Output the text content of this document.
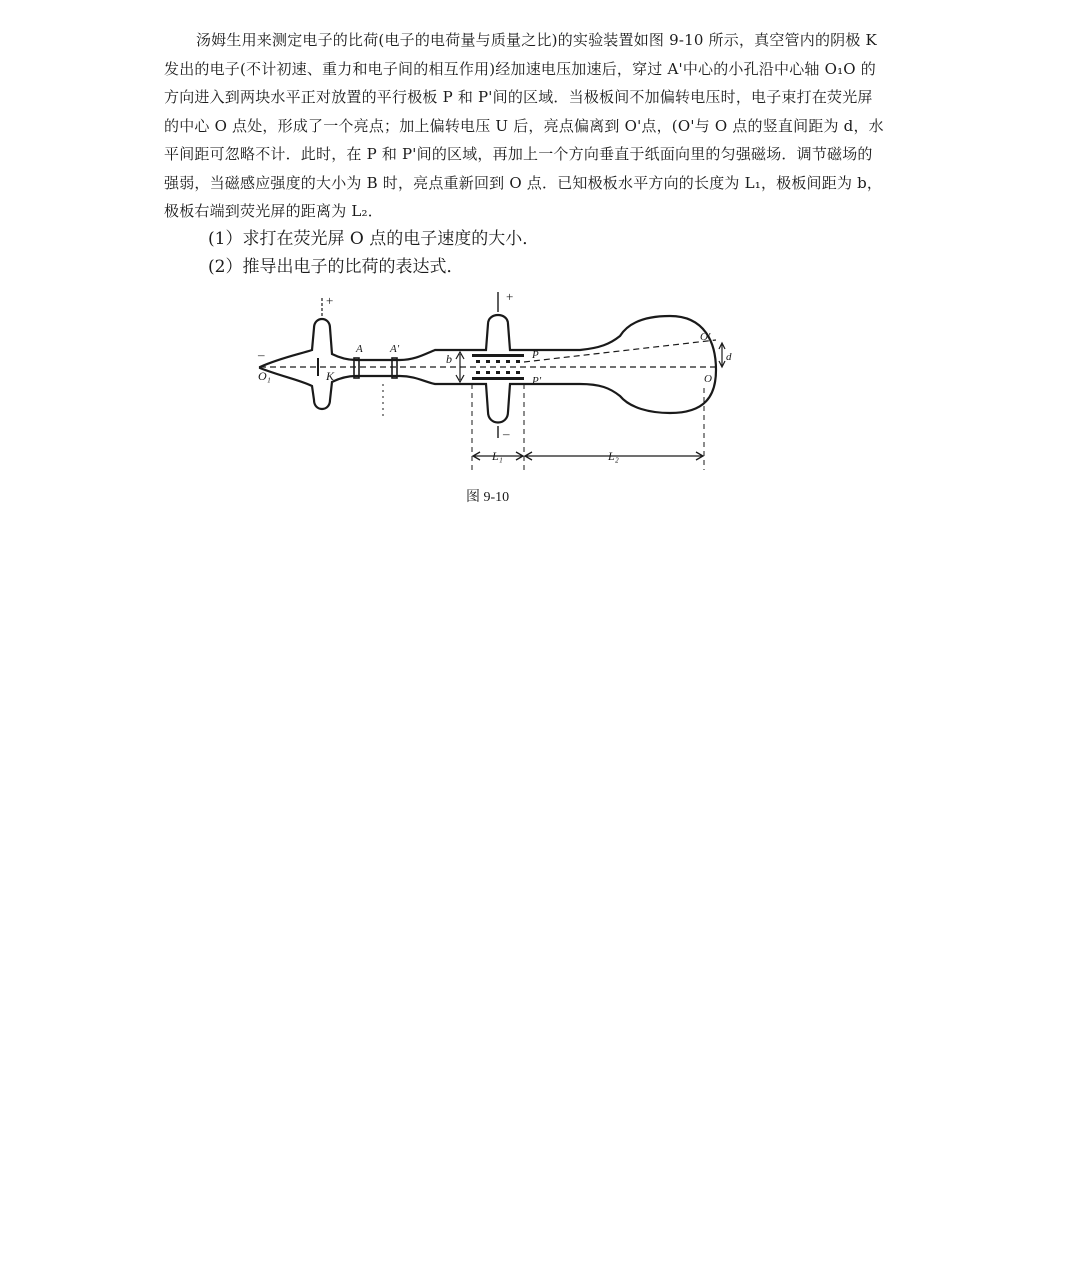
汤姆生用来测定电子的比荷(电子的电荷量与质量之比)的实验装置如图 9-10 所示，真空管内的阴极 K

发出的电子(不计初速、重力和电子间的相互作用)经加速电压加速后，穿过 A'中心的小孔沿中心轴 O₁O 的

方向进入到两块水平正对放置的平行极板 P 和 P'间的区域．当极板间不加偏转电压时，电子束打在荧光屏

的中心 O 点处，形成了一个亮点；加上偏转电压 U 后，亮点偏离到 O'点，(O'与 O 点的竖直间距为 d，水

平间距可忽略不计．此时，在 P 和 P'间的区域，再加上一个方向垂直于纸面向里的匀强磁场．调节磁场的

强弱，当磁感应强度的大小为 B 时，亮点重新回到 O 点．已知极板水平方向的长度为 L₁，极板间距为 b，

极板右端到荧光屏的距离为 L₂．

(1）求打在荧光屏 O 点的电子速度的大小．
(2）推导出电子的比荷的表达式．
+	+
–
–
O₁	K
A A'
b	P
P'
O'
O
d
L₁	L₂
图 9-10
